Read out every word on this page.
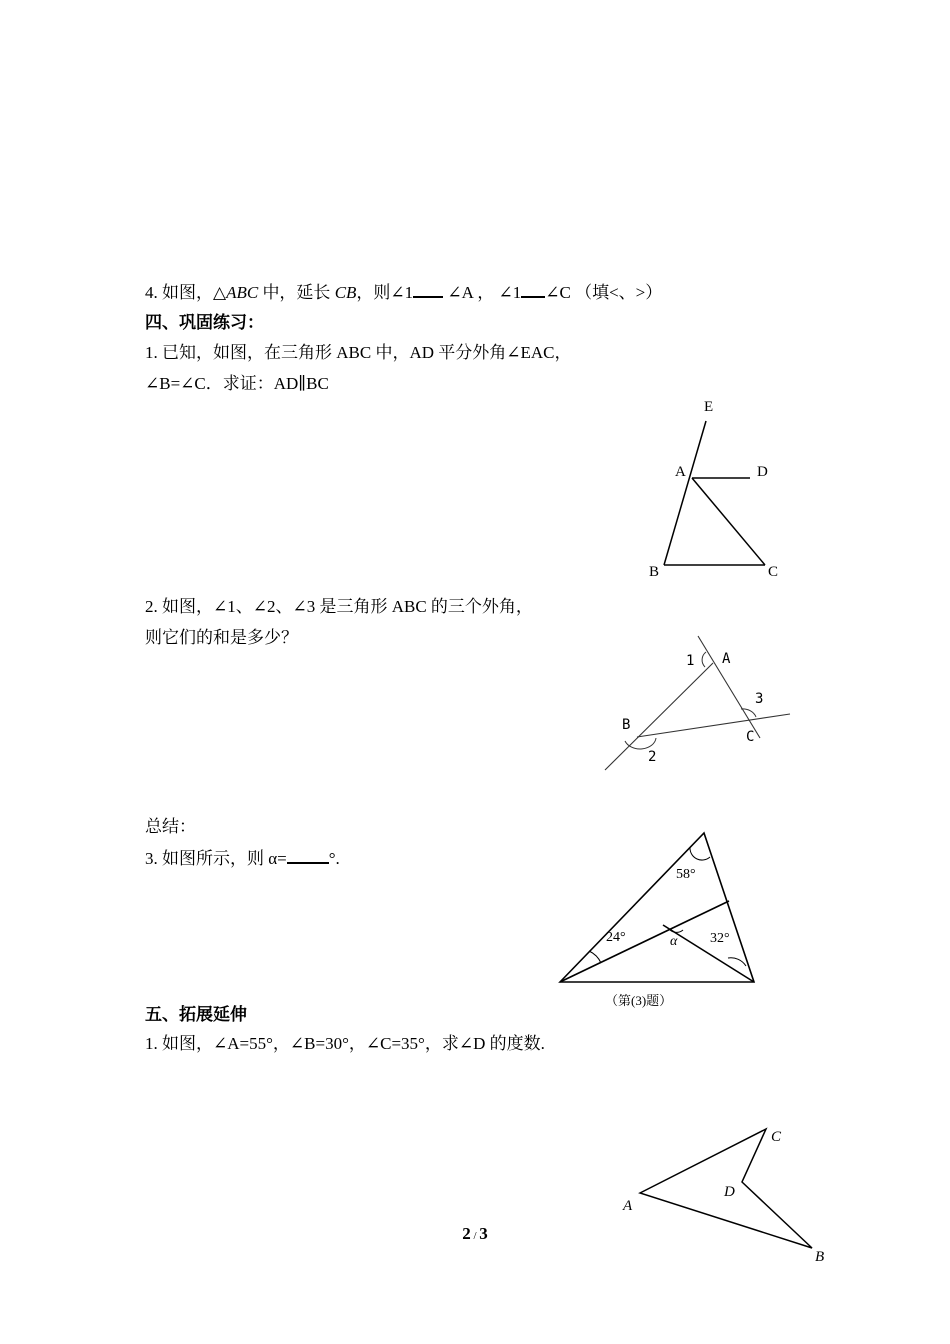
4. 如图，△ABC 中，延长 CB，则∠1 ∠A ， ∠1 ∠C （填<、>）
四、巩固练习：
1. 已知，如图，在三角形 ABC 中，AD 平分外角∠EAC，
∠B=∠C．求证：AD∥BC
E
A	D
B	C
2. 如图，∠1、∠2、∠3 是三角形 ABC 的三个外角，
则它们的和是多少？
1 A
3
B
C
2
总结：
3. 如图所示，则 α= °.
58°
24°	α 32°
（第(3)题）
五、拓展延伸
1. 如图，∠A=55°，∠B=30°，∠C=35°，求∠D 的度数.
C
D
A
B
2 / 3
